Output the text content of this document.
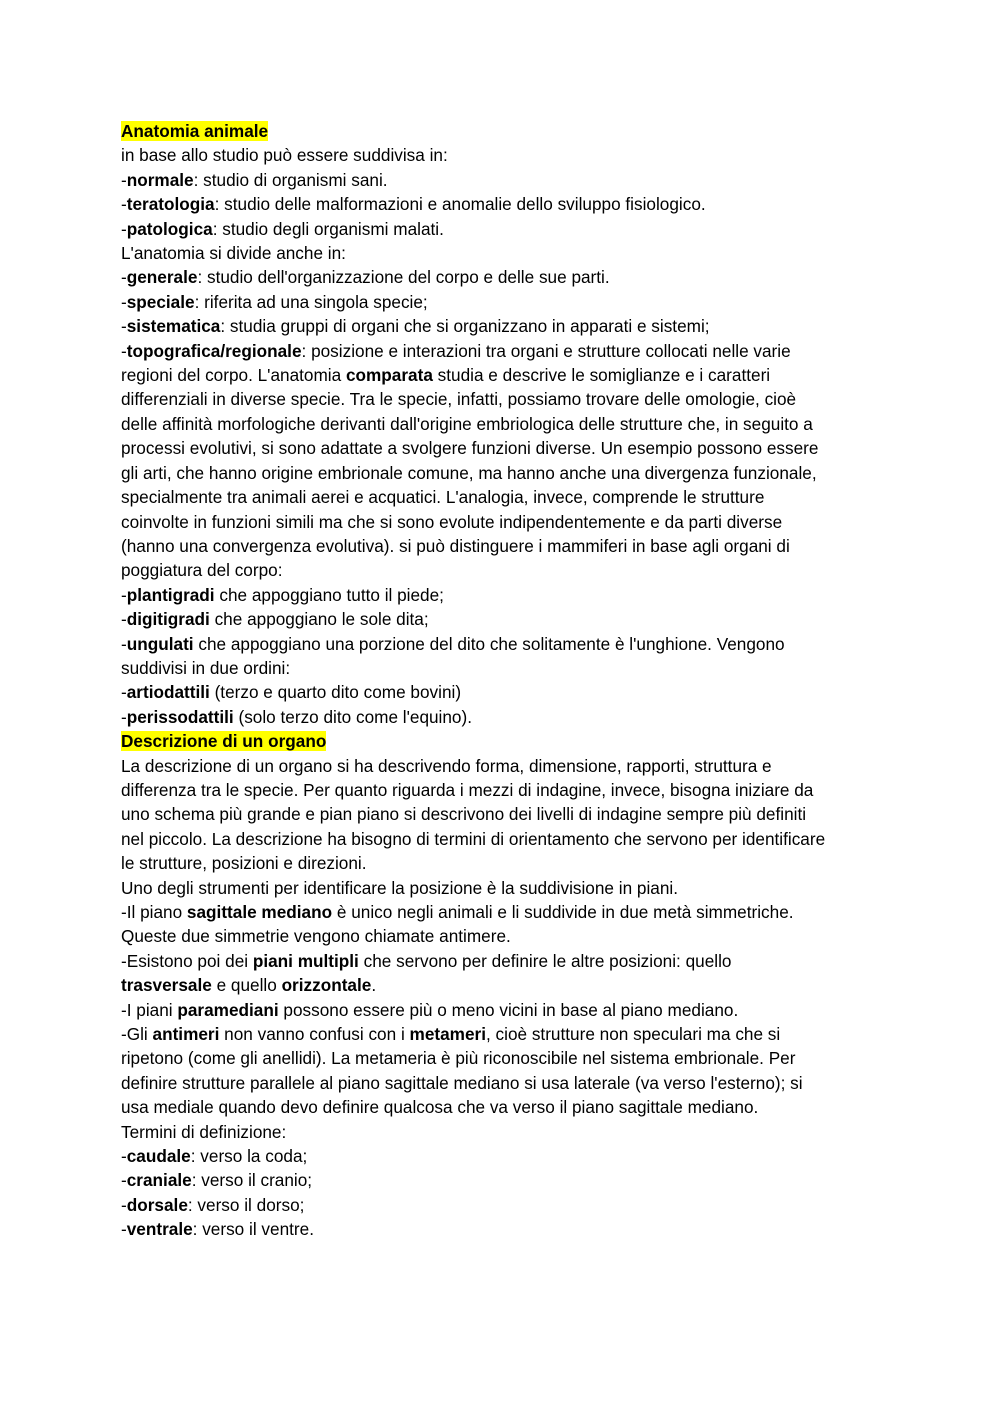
Anatomia animale
in base allo studio può essere suddivisa in:
-normale: studio di organismi sani.
-teratologia: studio delle malformazioni e anomalie dello sviluppo fisiologico.
-patologica: studio degli organismi malati.
L'anatomia si divide anche in:
-generale: studio dell'organizzazione del corpo e delle sue parti.
-speciale: riferita ad una singola specie;
-sistematica: studia gruppi di organi che si organizzano in apparati e sistemi;
-topografica/regionale: posizione e interazioni tra organi e strutture collocati nelle varie
regioni del corpo. L'anatomia comparata studia e descrive le somiglianze e i caratteri
differenziali in diverse specie. Tra le specie, infatti, possiamo trovare delle omologie, cioè
delle affinità morfologiche derivanti dall'origine embriologica delle strutture che, in seguito a
processi evolutivi, si sono adattate a svolgere funzioni diverse. Un esempio possono essere
gli arti, che hanno origine embrionale comune, ma hanno anche una divergenza funzionale,
specialmente tra animali aerei e acquatici. L'analogia, invece, comprende le strutture
coinvolte in funzioni simili ma che si sono evolute indipendentemente e da parti diverse
(hanno una convergenza evolutiva). si può distinguere i mammiferi in base agli organi di
poggiatura del corpo:
-plantigradi che appoggiano tutto il piede;
-digitigradi che appoggiano le sole dita;
-ungulati che appoggiano una porzione del dito che solitamente è l'unghione. Vengono
suddivisi in due ordini:
-artiodattili (terzo e quarto dito come bovini)
-perissodattili (solo terzo dito come l'equino).
Descrizione di un organo
La descrizione di un organo si ha descrivendo forma, dimensione, rapporti, struttura e
differenza tra le specie. Per quanto riguarda i mezzi di indagine, invece, bisogna iniziare da
uno schema più grande e pian piano si descrivono dei livelli di indagine sempre più definiti
nel piccolo. La descrizione ha bisogno di termini di orientamento che servono per identificare
le strutture, posizioni e direzioni.
Uno degli strumenti per identificare la posizione è la suddivisione in piani.
-Il piano sagittale mediano è unico negli animali e li suddivide in due metà simmetriche.
Queste due simmetrie vengono chiamate antimere.
-Esistono poi dei piani multipli che servono per definire le altre posizioni: quello
trasversale e quello orizzontale.
-I piani paramediani possono essere più o meno vicini in base al piano mediano.
-Gli antimeri non vanno confusi con i metameri, cioè strutture non speculari ma che si
ripetono (come gli anellidi). La metameria è più riconoscibile nel sistema embrionale. Per
definire strutture parallele al piano sagittale mediano si usa laterale (va verso l'esterno); si
usa mediale quando devo definire qualcosa che va verso il piano sagittale mediano.
Termini di definizione:
-caudale: verso la coda;
-craniale: verso il cranio;
-dorsale: verso il dorso;
-ventrale: verso il ventre.
